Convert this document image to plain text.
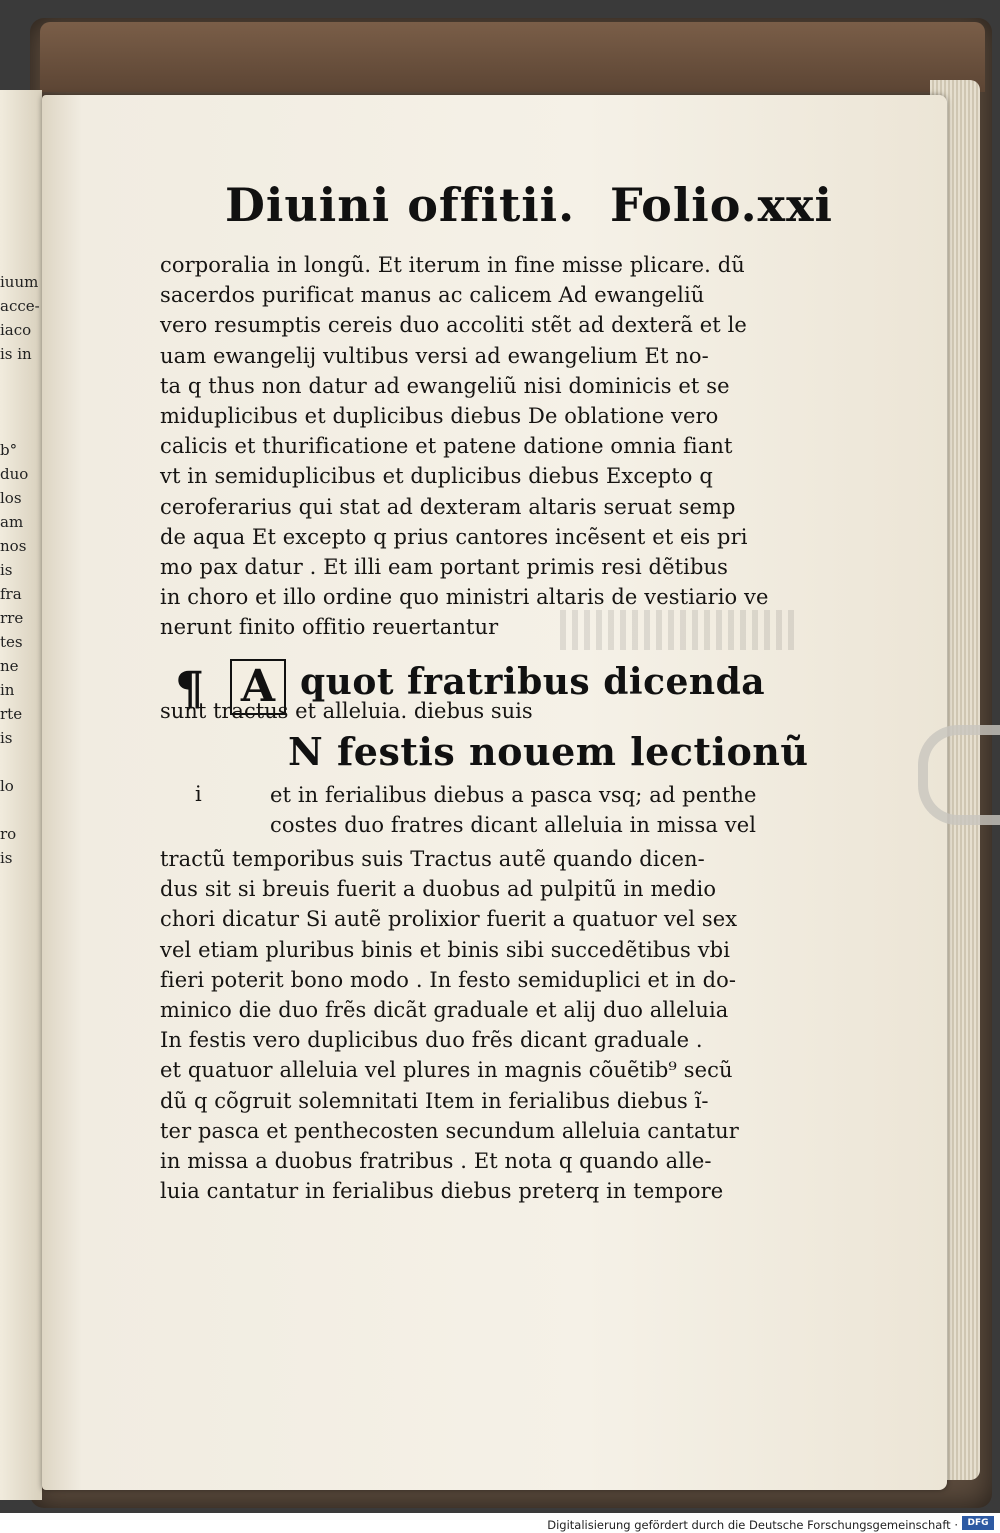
iuum
acce-
iaco
is in

b°
duo
los
am
nos
is
fra
rre
tes
ne
in
rte
is

lo

ro
is
Diuini offitii. Folio.xxi
corporalia in longũ. Et iterum in fine misse plicare. dũ
sacerdos purificat manus ac calicem Ad ewangeliũ
vero resumptis cereis duo accoliti stẽt ad dexterã et le
uam ewangelij vultibus versi ad ewangelium Et no-
ta q thus non datur ad ewangeliũ nisi dominicis et se
miduplicibus et duplicibus diebus De oblatione vero
calicis et thurificatione et patene datione omnia fiant
vt in semiduplicibus et duplicibus diebus Excepto q
ceroferarius qui stat ad dexteram altaris seruat semp
de aqua Et excepto q prius cantores incẽsent et eis pri
mo pax datur . Et illi eam portant primis resi dẽtibus
in choro et illo ordine quo ministri altaris de vestiario ve
nerunt finito offitio reuertantur
¶ A quot fratribus dicenda
sunt tractus et alleluia. diebus suis
N festis nouem lectionũ
i	et in ferialibus diebus a pasca vsq; ad penthe
costes duo fratres dicant alleluia in missa vel
tractũ temporibus suis Tractus autẽ quando dicen-
dus sit si breuis fuerit a duobus ad pulpitũ in medio
chori dicatur Si autẽ prolixior fuerit a quatuor vel sex
vel etiam pluribus binis et binis sibi succedẽtibus vbi
fieri poterit bono modo . In festo semiduplici et in do-
minico die duo frẽs dicãt graduale et alij duo alleluia
In festis vero duplicibus duo frẽs dicant graduale .
et quatuor alleluia vel plures in magnis cõuẽtib⁹ secũ
dũ q cõgruit solemnitati Item in ferialibus diebus ĩ-
ter pasca et penthecosten secundum alleluia cantatur
in missa a duobus fratribus . Et nota q quando alle-
luia cantatur in ferialibus diebus preterq in tempore
Digitalisierung gefördert durch die Deutsche Forschungsgemeinschaft ·	DFG
